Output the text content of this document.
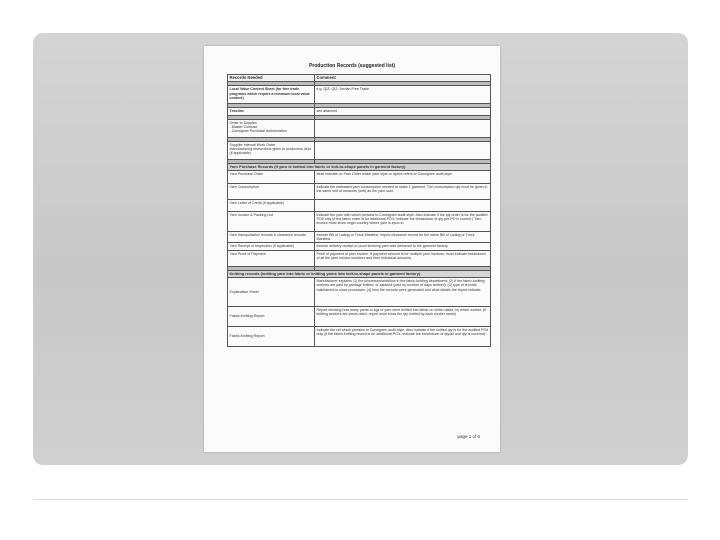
Production Records (suggested list)
Records Needed	Comment

Local Value Content Sheet (for free trade programs which require a minimum local value content)	e.g. QIZ, QIZ, Jordan Free Trade

Timeline	see attached

Order to Supplier
- Master Contract
- Consignee Purchase Authorization	

Supplier Internal Work Order
Manufacturing instructions given to production dept. (if applicable)	

Yarn Purchase Records (If yarn is knitted into fabric or knit-to-shape panels in garment factory)	
Yarn Purchase Order	Must indicate on Yarn Order which yarn style or dyelot refers to Consignee audit style
Yarn Consumption	Indicate the estimated yarn consumption needed to make 1 garment. The consumption qty must be given in the same unit of measure (unit) as the yarn sold.
Yarn Letter of Credit (if applicable)	
Yarn Invoice & Packing List	Indicate the yarn with which pertains to Consignee audit style. Also indicate if the qty order is for the audited PO# only (if the fabric order is for additional PO's, indicate the breakdown of qty per PO is correct.) Yarn invoice must show origin country where yarn is spun in.
Yarn transportation records & clearance records	Include Bill of Lading or Truck Manifest, import clearance record for the same Bill of Lading or Truck Manifest.
Yarn Receipt or Inspection (if applicable)	Include delivery receipt or proof showing yarn was delivered to the garment factory.
Yarn Proof of Payment	Proof of payment of yarn invoice. If payment amount is for multiple yarn invoices, must indicate breakdown of all the yarn invoice numbers and their individual amounts.

Knitting records (knitting yarn into fabric or knitting yarns into knit-to-shape panels in garment factory)	
Explanation Sheet	Manufacturer explains (1) the processes/workflow in the fabric-knitting department; (2) if the fabric-knitting workers are paid by yardage knitted, or salaried (paid by number of days worked); (3) type of records maintained to show processes; (4) how the records were generated and what details the report indicate.
Fabric-Knitting Report	Report showing how many yards or kgs of yarn were knitted into fabric on which dates, by which worker. (If knitting workers are piece-rated, report must show the qty knitted by each worker name)
Fabric-Knitting Report	Indicate the roll which pertains to Consignee audit style. Also indicate if the knitted qty is for the audited PO# only (if the fabric-knitting record is for additional PO's, indicate the breakdown of qty/all and qty is covered).
page 1 of 6
